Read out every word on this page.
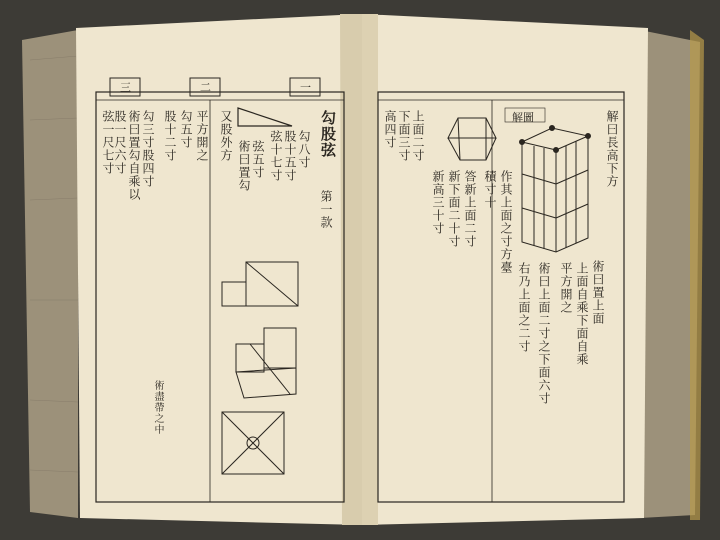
勾股弦
第一款
勾八寸
股十五寸
弦十七寸
弦五寸
術曰置勾
又股外方
平方開之
勾五寸
股十二寸
勾三寸股四寸
術曰置勾自乘以
股一尺六寸
弦一尺七寸
術盡帶之中
三	二	一
解曰長高下方
術曰置上面
上面自乘下面自乘
平方開之
術曰上面二寸之下面六寸
右乃上面之二寸
作其上面之寸方臺
積寸十
答新上面二寸
新下面二十寸
新高三十寸
上面二寸
下面三寸
高四寸	解圖
